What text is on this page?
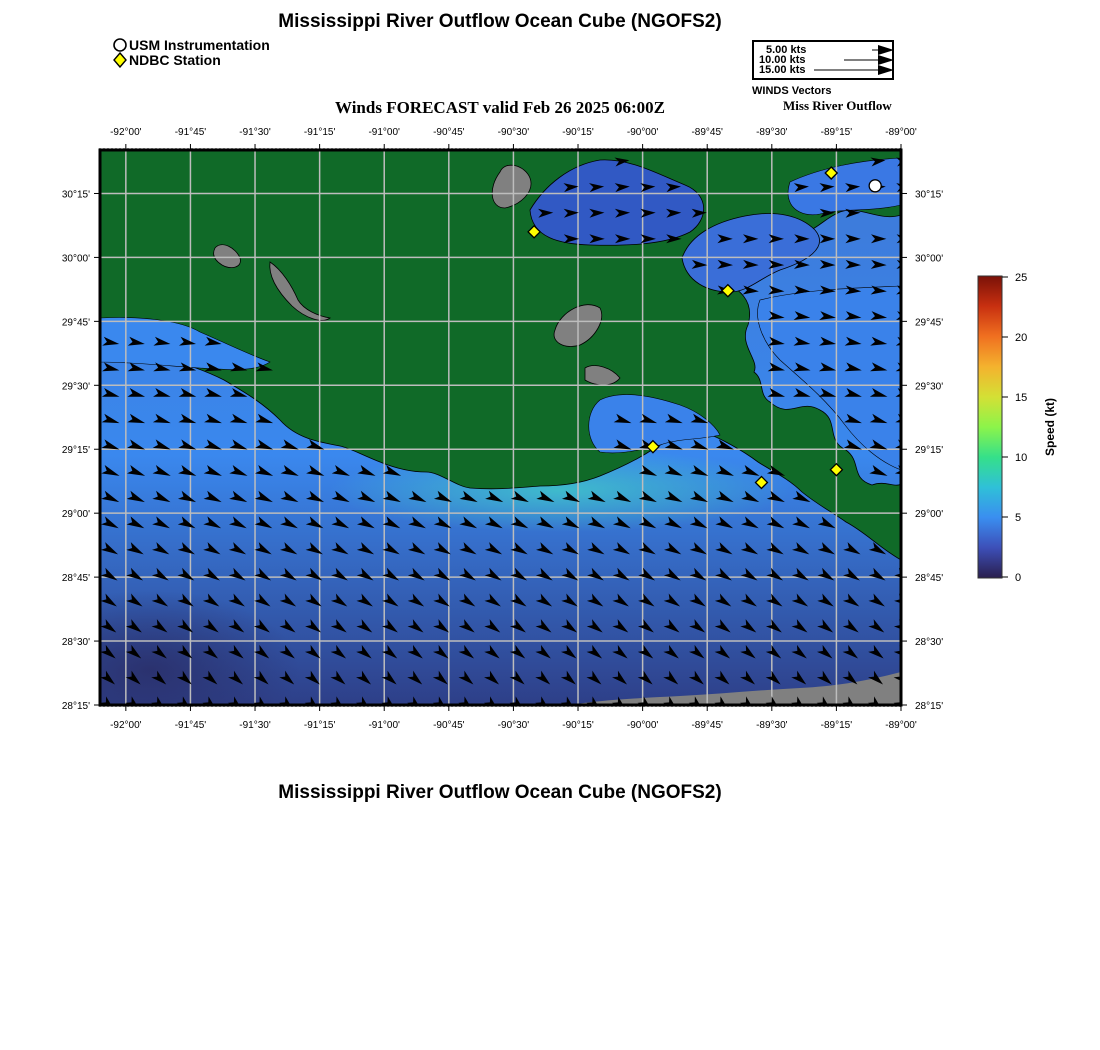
Mississippi River Outflow Ocean Cube (NGOFS2)
USM Instrumentation
NDBC Station
5.00 kts
10.00 kts
15.00 kts
WINDS Vectors
Winds FORECAST valid Feb 26 2025 06:00Z	Miss River Outflow
-92°00'
-92°00'
-91°45'
-91°45'
-91°30'
-91°30'
-91°15'
-91°15'
-91°00'
-91°00'
-90°45'
-90°45'
-90°30'
-90°30'
-90°15'
-90°15'
-90°00'
-90°00'
-89°45'
-89°45'
-89°30'
-89°30'
-89°15'
-89°15'
-89°00'
-89°00'
30°15'	30°15'
30°00'	30°00'
29°45'	29°45'
29°30'	29°30'
29°15'	29°15'
29°00'	29°00'
28°45'	28°45'
28°30'	28°30'
28°15'	28°15'
25
20
15
10
5
0
Speed (kt)
Mississippi River Outflow Ocean Cube (NGOFS2)
